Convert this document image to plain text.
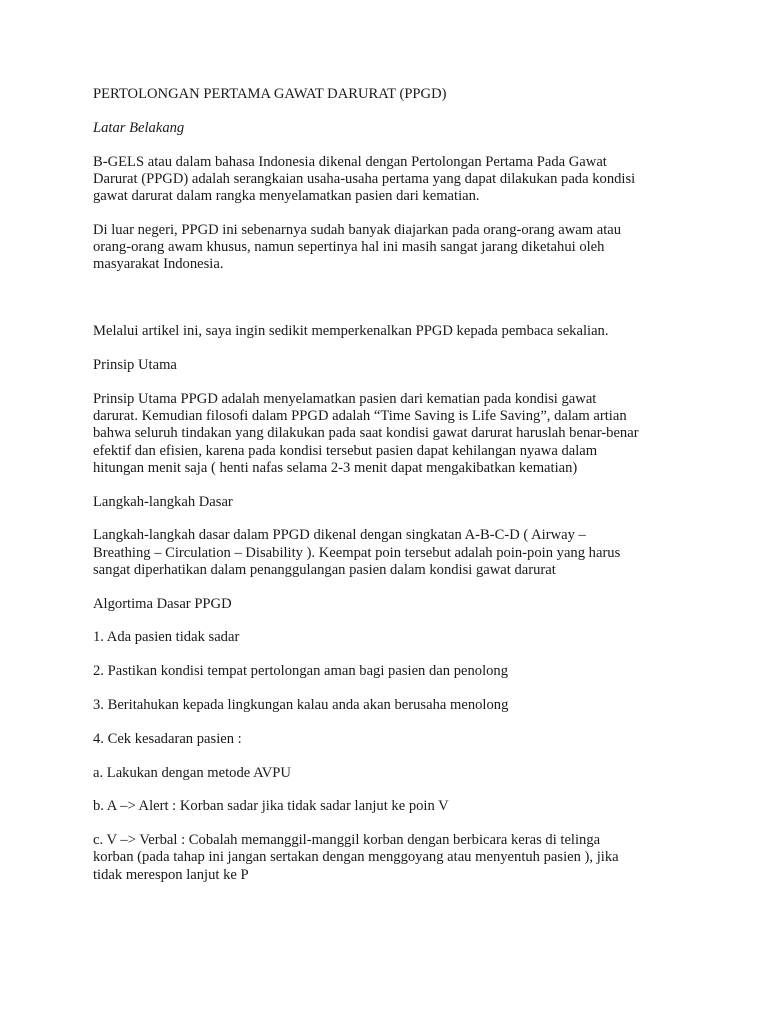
PERTOLONGAN PERTAMA GAWAT DARURAT (PPGD)

Latar Belakang

B-GELS atau dalam bahasa Indonesia dikenal dengan Pertolongan Pertama Pada Gawat
Darurat (PPGD) adalah serangkaian usaha-usaha pertama yang dapat dilakukan pada kondisi
gawat darurat dalam rangka menyelamatkan pasien dari kematian.

Di luar negeri, PPGD ini sebenarnya sudah banyak diajarkan pada orang-orang awam atau
orang-orang awam khusus, namun sepertinya hal ini masih sangat jarang diketahui oleh
masyarakat Indonesia.

Melalui artikel ini, saya ingin sedikit memperkenalkan PPGD kepada pembaca sekalian.

Prinsip Utama

Prinsip Utama PPGD adalah menyelamatkan pasien dari kematian pada kondisi gawat
darurat. Kemudian filosofi dalam PPGD adalah “Time Saving is Life Saving”, dalam artian
bahwa seluruh tindakan yang dilakukan pada saat kondisi gawat darurat haruslah benar-benar
efektif dan efisien, karena pada kondisi tersebut pasien dapat kehilangan nyawa dalam
hitungan menit saja ( henti nafas selama 2-3 menit dapat mengakibatkan kematian)

Langkah-langkah Dasar

Langkah-langkah dasar dalam PPGD dikenal dengan singkatan A-B-C-D ( Airway –
Breathing – Circulation – Disability ). Keempat poin tersebut adalah poin-poin yang harus
sangat diperhatikan dalam penanggulangan pasien dalam kondisi gawat darurat

Algortima Dasar PPGD

1. Ada pasien tidak sadar

2. Pastikan kondisi tempat pertolongan aman bagi pasien dan penolong

3. Beritahukan kepada lingkungan kalau anda akan berusaha menolong

4. Cek kesadaran pasien :

a. Lakukan dengan metode AVPU

b. A –> Alert : Korban sadar jika tidak sadar lanjut ke poin V

c. V –> Verbal : Cobalah memanggil-manggil korban dengan berbicara keras di telinga
korban (pada tahap ini jangan sertakan dengan menggoyang atau menyentuh pasien ), jika
tidak merespon lanjut ke P
